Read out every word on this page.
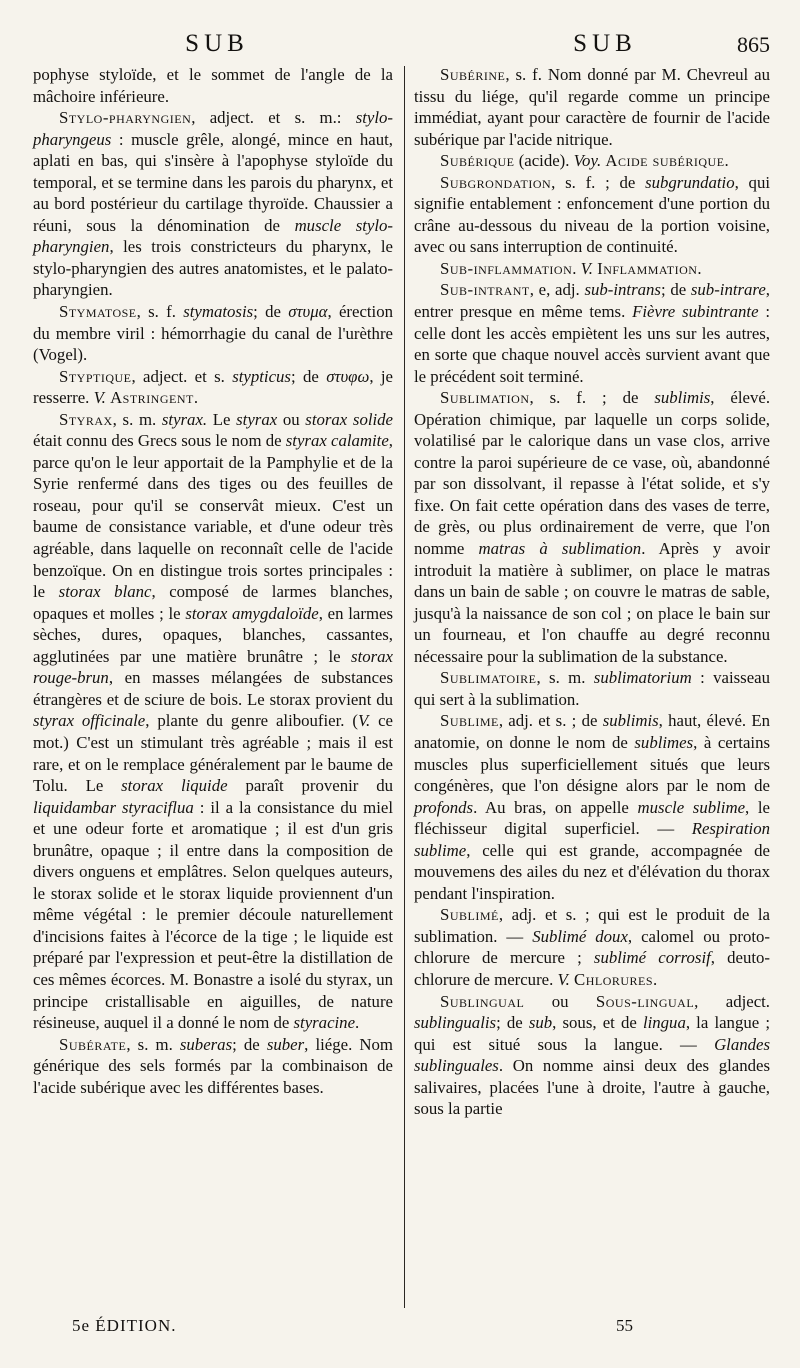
SUB	SUB	865

pophyse styloïde, et le sommet de l'angle de la mâchoire inférieure.

Stylo-pharyngien, adject. et s. m.: stylo-pharyngeus : muscle grêle, alongé, mince en haut, aplati en bas, qui s'insère à l'apophyse styloïde du temporal, et se termine dans les parois du pharynx, et au bord postérieur du cartilage thyroïde. Chaussier a réuni, sous la dénomination de muscle stylo-pharyngien, les trois constricteurs du pharynx, le stylo-pharyngien des autres anatomistes, et le palato-pharyngien.

Stymatose, s. f. stymatosis; de στυμα, érection du membre viril : hémorrhagie du canal de l'urèthre (Vogel).

Styptique, adject. et s. stypticus; de στυφω, je resserre. V. Astringent.

Styrax, s. m. styrax. Le styrax ou storax solide était connu des Grecs sous le nom de styrax calamite, parce qu'on le leur apportait de la Pamphylie et de la Syrie renfermé dans des tiges ou des feuilles de roseau, pour qu'il se conservât mieux. C'est un baume de consistance variable, et d'une odeur très agréable, dans laquelle on reconnaît celle de l'acide benzoïque. On en distingue trois sortes principales : le storax blanc, composé de larmes blanches, opaques et molles ; le storax amygdaloïde, en larmes sèches, dures, opaques, blanches, cassantes, agglutinées par une matière brunâtre ; le storax rouge-brun, en masses mélangées de substances étrangères et de sciure de bois. Le storax provient du styrax officinale, plante du genre aliboufier. (V. ce mot.) C'est un stimulant très agréable ; mais il est rare, et on le remplace généralement par le baume de Tolu. Le storax liquide paraît provenir du liquidambar styraciflua : il a la consistance du miel et une odeur forte et aromatique ; il est d'un gris brunâtre, opaque ; il entre dans la composition de divers onguens et emplâtres. Selon quelques auteurs, le storax solide et le storax liquide proviennent d'un même végétal : le premier découle naturellement d'incisions faites à l'écorce de la tige ; le liquide est préparé par l'expression et peut-être la distillation de ces mêmes écorces. M. Bonastre a isolé du styrax, un principe cristallisable en aiguilles, de nature résineuse, auquel il a donné le nom de styracine.

Subérate, s. m. suberas; de suber, liége. Nom générique des sels formés par la combinaison de l'acide subérique avec les différentes bases.

Subérine, s. f. Nom donné par M. Chevreul au tissu du liége, qu'il regarde comme un principe immédiat, ayant pour caractère de fournir de l'acide subérique par l'acide nitrique.

Subérique (acide). Voy. Acide subérique.

Subgrondation, s. f. ; de subgrundatio, qui signifie entablement : enfoncement d'une portion du crâne au-dessous du niveau de la portion voisine, avec ou sans interruption de continuité.

Sub-inflammation. V. Inflammation.

Sub-intrant, e, adj. sub-intrans; de sub-intrare, entrer presque en même tems. Fièvre subintrante : celle dont les accès empiètent les uns sur les autres, en sorte que chaque nouvel accès survient avant que le précédent soit terminé.

Sublimation, s. f. ; de sublimis, élevé. Opération chimique, par laquelle un corps solide, volatilisé par le calorique dans un vase clos, arrive contre la paroi supérieure de ce vase, où, abandonné par son dissolvant, il repasse à l'état solide, et s'y fixe. On fait cette opération dans des vases de terre, de grès, ou plus ordinairement de verre, que l'on nomme matras à sublimation. Après y avoir introduit la matière à sublimer, on place le matras dans un bain de sable ; on couvre le matras de sable, jusqu'à la naissance de son col ; on place le bain sur un fourneau, et l'on chauffe au degré reconnu nécessaire pour la sublimation de la substance.

Sublimatoire, s. m. sublimatorium : vaisseau qui sert à la sublimation.

Sublime, adj. et s. ; de sublimis, haut, élevé. En anatomie, on donne le nom de sublimes, à certains muscles plus superficiellement situés que leurs congénères, que l'on désigne alors par le nom de profonds. Au bras, on appelle muscle sublime, le fléchisseur digital superficiel. — Respiration sublime, celle qui est grande, accompagnée de mouvemens des ailes du nez et d'élévation du thorax pendant l'inspiration.

Sublimé, adj. et s. ; qui est le produit de la sublimation. — Sublimé doux, calomel ou proto-chlorure de mercure ; sublimé corrosif, deuto-chlorure de mercure. V. Chlorures.

Sublingual ou Sous-lingual, adject. sublingualis; de sub, sous, et de lingua, la langue ; qui est situé sous la langue. — Glandes sublinguales. On nomme ainsi deux des glandes salivaires, placées l'une à droite, l'autre à gauche, sous la partie

5e ÉDITION.	55
